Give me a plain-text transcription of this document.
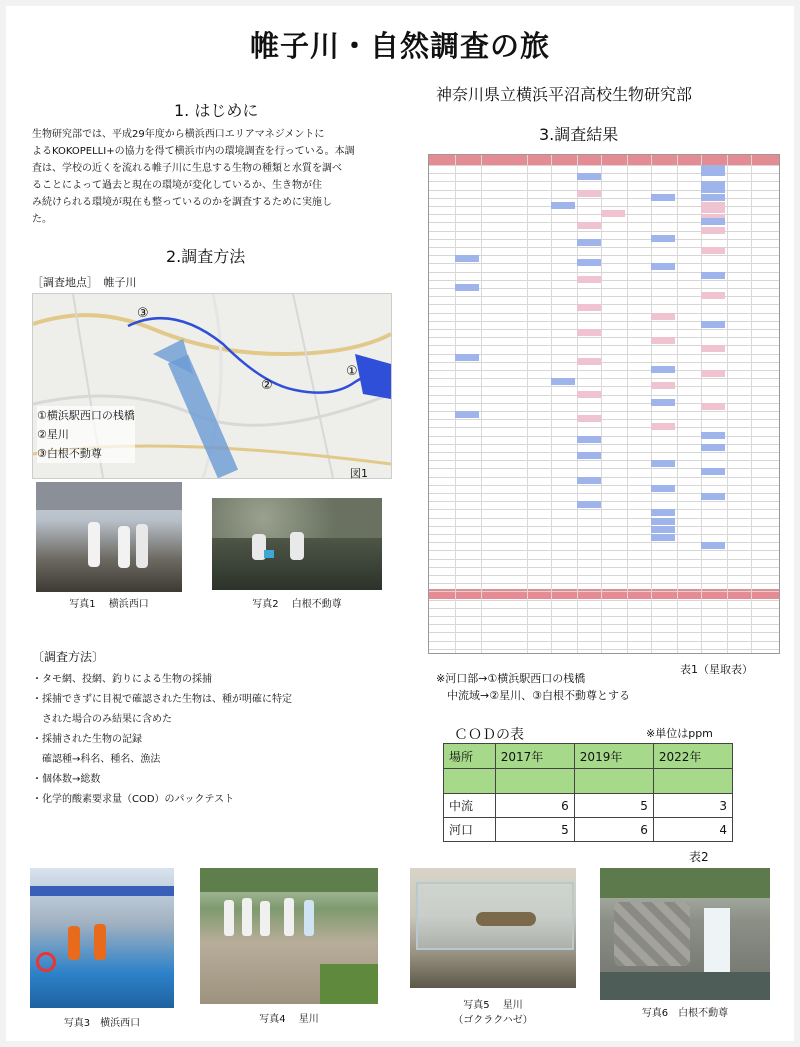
帷子川・自然調査の旅
神奈川県立横浜平沼高校生物研究部
1. はじめに
生物研究部では、平成29年度から横浜西口エリアマネジメントに
よるKOKOPELLI+の協力を得て横浜市内の環境調査を行っている。本調
査は、学校の近くを流れる帷子川に生息する生物の種類と水質を調べ
ることによって過去と現在の環境が変化しているか、生き物が住
み続けられる環境が現在も整っているのかを調査するために実施し
た。
2.調査方法
［調査地点］　帷子川
③
②
①
①横浜駅西口の桟橋
②星川
③白根不動尊
図1
写真1　 横浜西口	写真2　 白根不動尊
〔調査方法〕
・タモ網、投網、釣りによる生物の採捕
・採捕できずに目視で確認された生物は、種が明確に特定
　された場合のみ結果に含めた
・採捕された生物の記録
　確認種→科名、種名、漁法
・個体数→総数
・化学的酸素要求量（COD）のパックテスト
3.調査結果
表1（星取表）
※河口部→①横浜駅西口の桟橋
　中流域→②星川、③白根不動尊とする
ＣＯＤの表	※単位はppm
場所	2017年	2019年	2022年

中流	6	5	3
河口	5	6	4
表2
写真3　横浜西口	写真4　 星川
写真5　 星川
（ゴクラクハゼ）
写真6　白根不動尊
